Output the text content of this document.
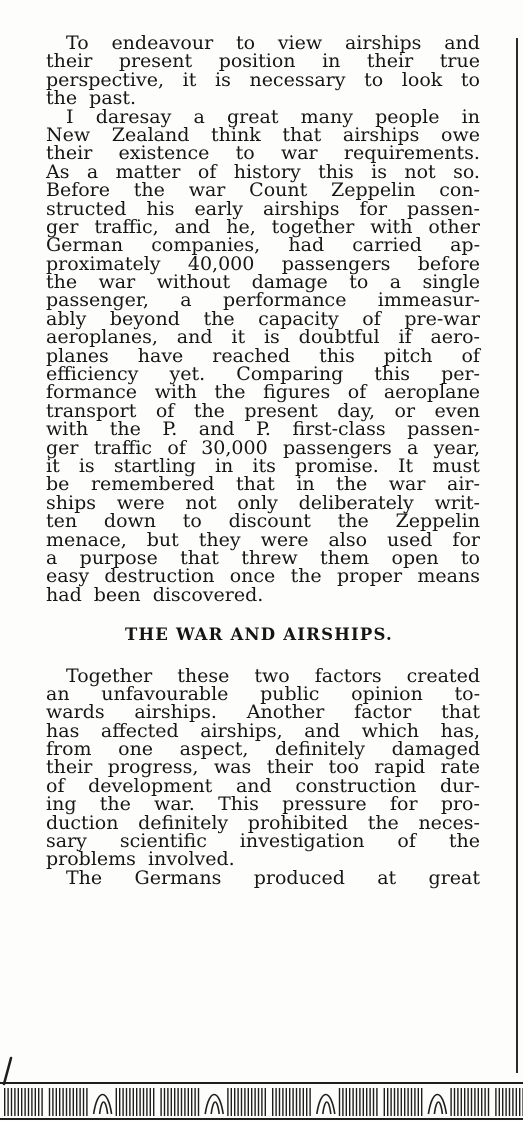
To endeavour to view airships and
their present position in their true
perspective, it is necessary to look to
the past.
I daresay a great many people in
New Zealand think that airships owe
their existence to war requirements.
As a matter of history this is not so.
Before the war Count Zeppelin con-
structed his early airships for passen-
ger traffic, and he, together with other
German companies, had carried ap-
proximately 40,000 passengers before
the war without damage to a single
passenger, a performance immeasur-
ably beyond the capacity of pre-war
aeroplanes, and it is doubtful if aero-
planes have reached this pitch of
efficiency yet. Comparing this per-
formance with the figures of aeroplane
transport of the present day, or even
with the P. and P. first-class passen-
ger traffic of 30,000 passengers a year,
it is startling in its promise. It must
be remembered that in the war air-
ships were not only deliberately writ-
ten down to discount the Zeppelin
menace, but they were also used for
a purpose that threw them open to
easy destruction once the proper means
had been discovered.
THE WAR AND AIRSHIPS.
Together these two factors created
an unfavourable public opinion to-
wards airships. Another factor that
has affected airships, and which has,
from one aspect, definitely damaged
their progress, was their too rapid rate
of development and construction dur-
ing the war. This pressure for pro-
duction definitely prohibited the neces-
sary scientific investigation of the
problems involved.
The Germans produced at great
